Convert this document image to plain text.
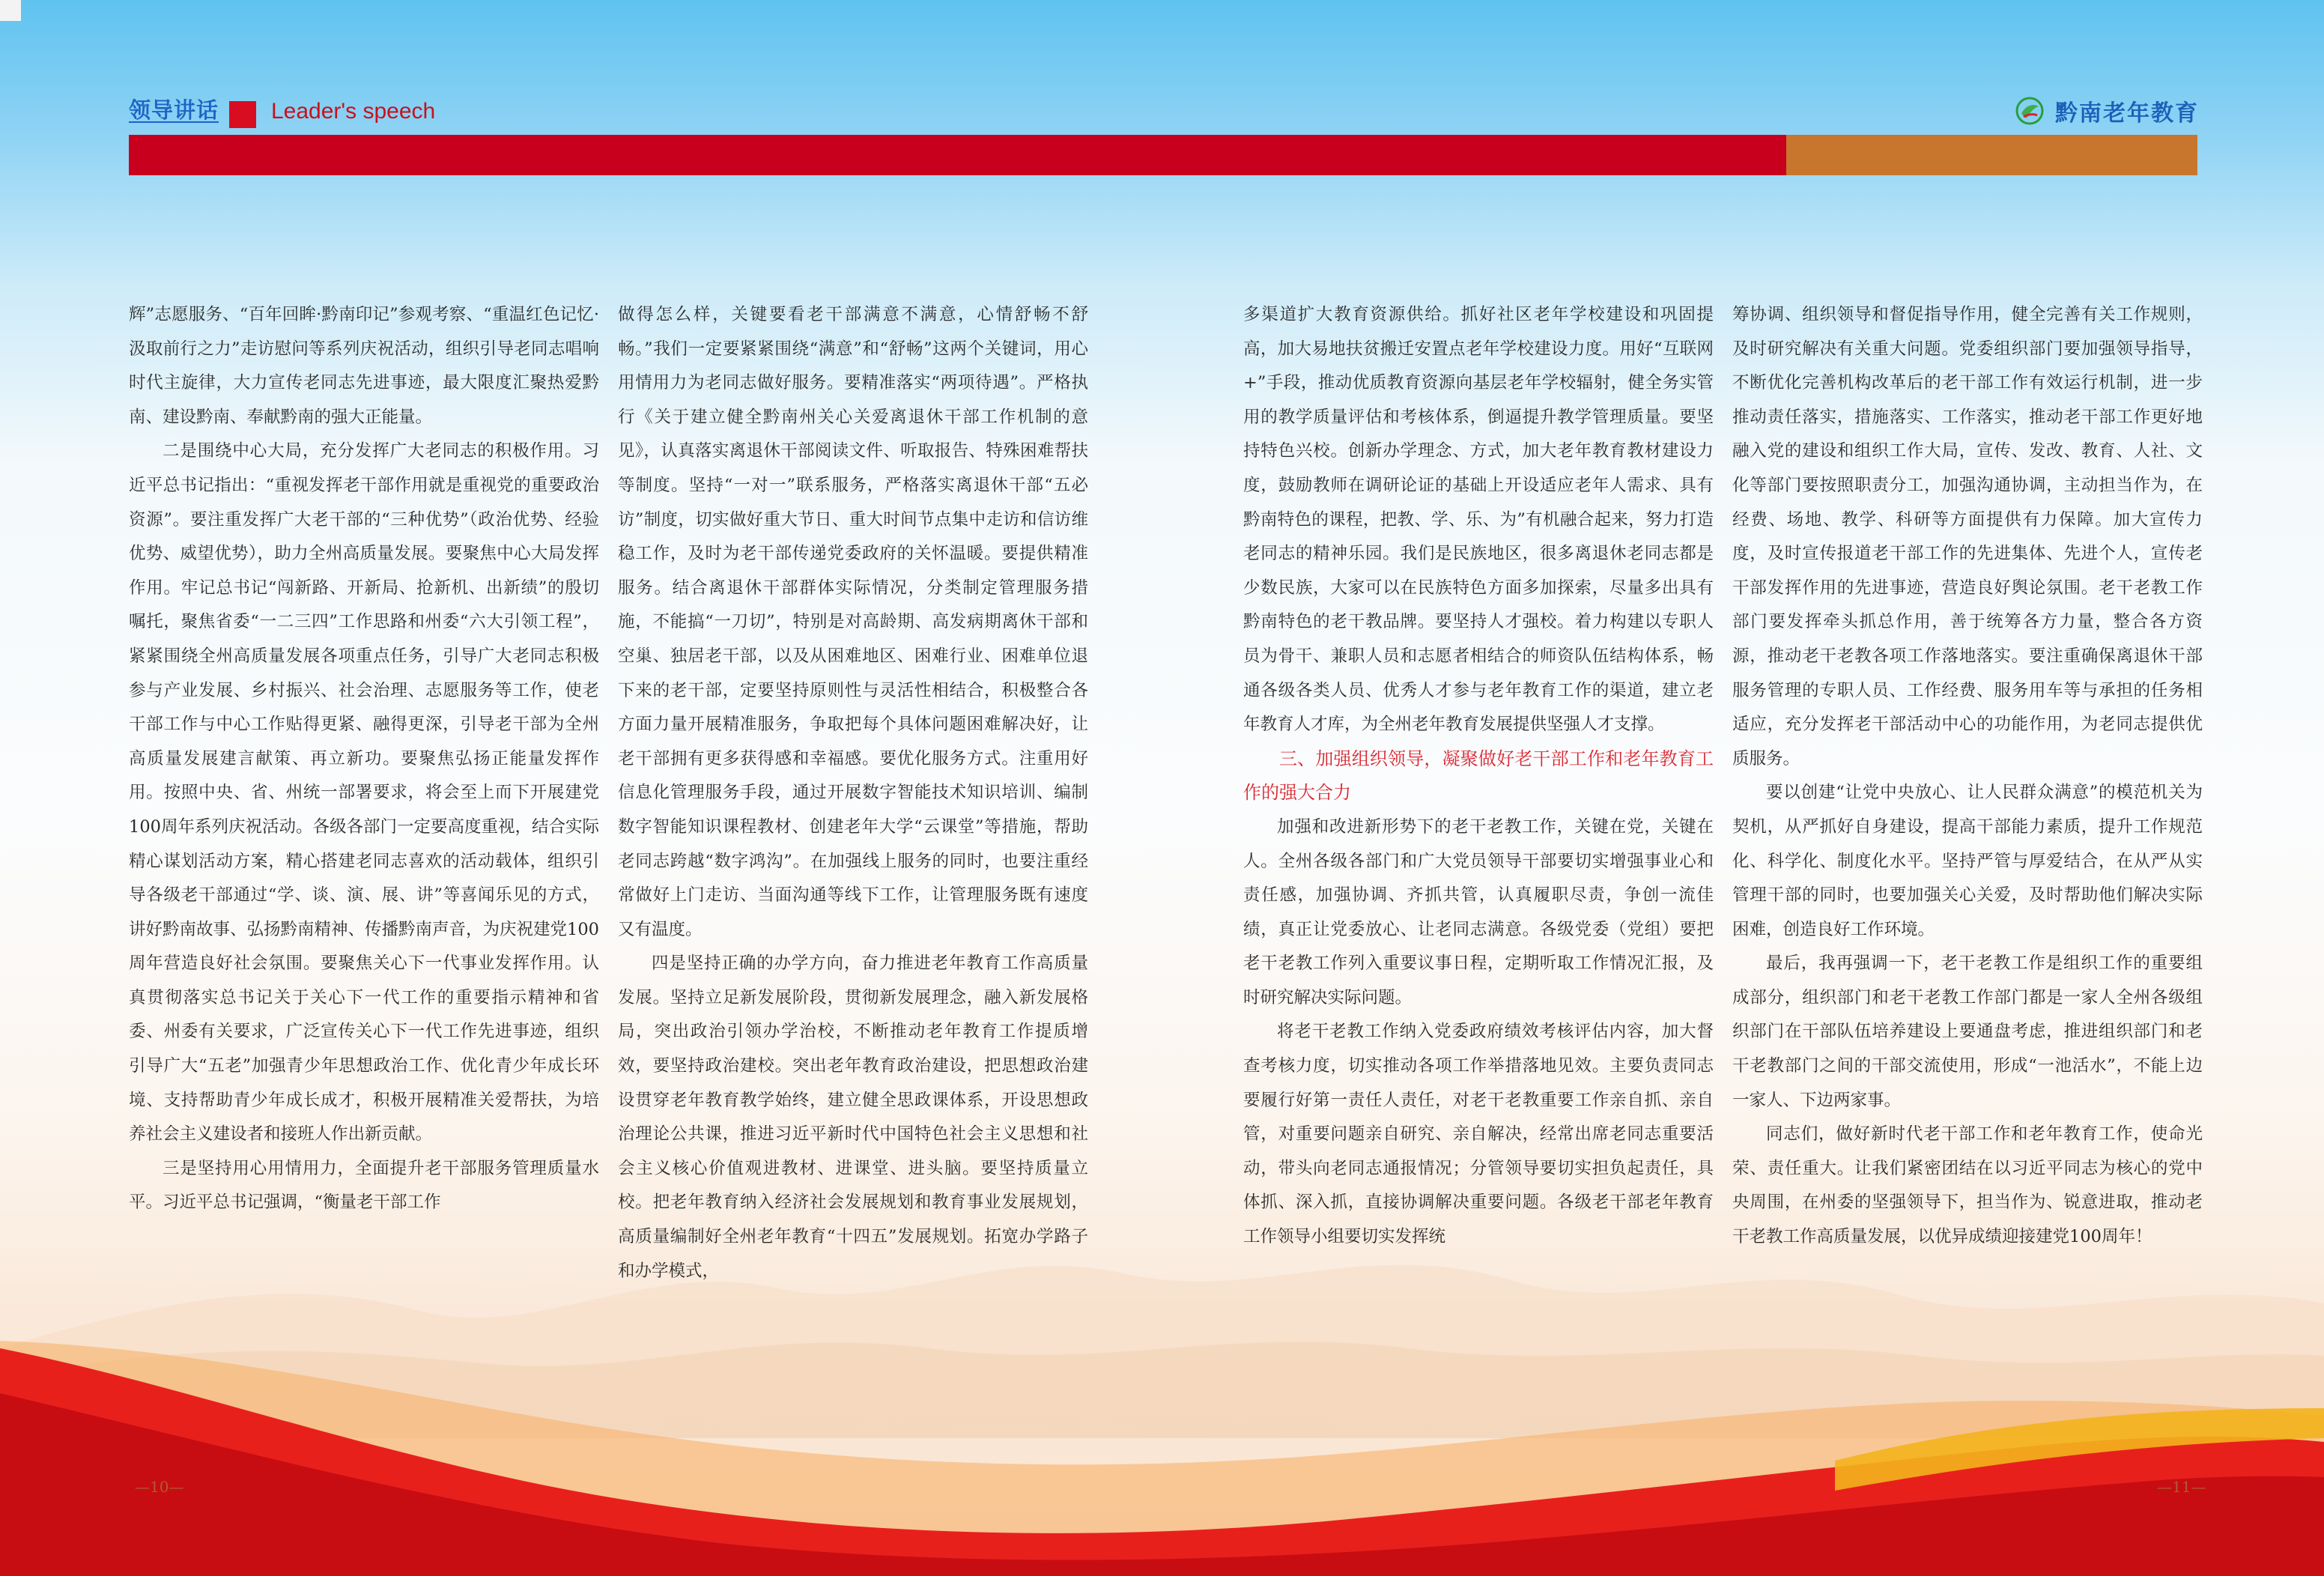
领导讲话 Leader's speech	黔南老年教育

辉”志愿服务、“百年回眸·黔南印记”参观考察、“重温红色记忆·汲取前行之力”走访慰问等系列庆祝活动，组织引导老同志唱响时代主旋律，大力宣传老同志先进事迹，最大限度汇聚热爱黔南、建设黔南、奉献黔南的强大正能量。

二是围绕中心大局，充分发挥广大老同志的积极作用。习近平总书记指出：“重视发挥老干部作用就是重视党的重要政治资源”。要注重发挥广大老干部的“三种优势”（政治优势、经验优势、威望优势），助力全州高质量发展。要聚焦中心大局发挥作用。牢记总书记“闯新路、开新局、抢新机、出新绩”的殷切嘱托，聚焦省委“一二三四”工作思路和州委“六大引领工程”，紧紧围绕全州高质量发展各项重点任务，引导广大老同志积极参与产业发展、乡村振兴、社会治理、志愿服务等工作，使老干部工作与中心工作贴得更紧、融得更深，引导老干部为全州高质量发展建言献策、再立新功。要聚焦弘扬正能量发挥作用。按照中央、省、州统一部署要求，将会至上而下开展建党100周年系列庆祝活动。各级各部门一定要高度重视，结合实际精心谋划活动方案，精心搭建老同志喜欢的活动载体，组织引导各级老干部通过“学、谈、演、展、讲”等喜闻乐见的方式，讲好黔南故事、弘扬黔南精神、传播黔南声音，为庆祝建党100周年营造良好社会氛围。要聚焦关心下一代事业发挥作用。认真贯彻落实总书记关于关心下一代工作的重要指示精神和省委、州委有关要求，广泛宣传关心下一代工作先进事迹，组织引导广大“五老”加强青少年思想政治工作、优化青少年成长环境、支持帮助青少年成长成才，积极开展精准关爱帮扶，为培养社会主义建设者和接班人作出新贡献。

三是坚持用心用情用力，全面提升老干部服务管理质量水平。习近平总书记强调，“衡量老干部工作

做得怎么样，关键要看老干部满意不满意，心情舒畅不舒畅。”我们一定要紧紧围绕“满意”和“舒畅”这两个关键词，用心用情用力为老同志做好服务。要精准落实“两项待遇”。严格执行《关于建立健全黔南州关心关爱离退休干部工作机制的意见》，认真落实离退休干部阅读文件、听取报告、特殊困难帮扶等制度。坚持“一对一”联系服务，严格落实离退休干部“五必访”制度，切实做好重大节日、重大时间节点集中走访和信访维稳工作，及时为老干部传递党委政府的关怀温暖。要提供精准服务。结合离退休干部群体实际情况，分类制定管理服务措施，不能搞“一刀切”，特别是对高龄期、高发病期离休干部和空巢、独居老干部，以及从困难地区、困难行业、困难单位退下来的老干部，定要坚持原则性与灵活性相结合，积极整合各方面力量开展精准服务，争取把每个具体问题困难解决好，让老干部拥有更多获得感和幸福感。要优化服务方式。注重用好信息化管理服务手段，通过开展数字智能技术知识培训、编制数字智能知识课程教材、创建老年大学“云课堂”等措施，帮助老同志跨越“数字鸿沟”。在加强线上服务的同时，也要注重经常做好上门走访、当面沟通等线下工作，让管理服务既有速度又有温度。

四是坚持正确的办学方向，奋力推进老年教育工作高质量发展。坚持立足新发展阶段，贯彻新发展理念，融入新发展格局，突出政治引领办学治校，不断推动老年教育工作提质增效，要坚持政治建校。突出老年教育政治建设，把思想政治建设贯穿老年教育教学始终，建立健全思政课体系，开设思想政治理论公共课，推进习近平新时代中国特色社会主义思想和社会主义核心价值观进教材、进课堂、进头脑。要坚持质量立校。把老年教育纳入经济社会发展规划和教育事业发展规划，高质量编制好全州老年教育“十四五”发展规划。拓宽办学路子和办学模式，

多渠道扩大教育资源供给。抓好社区老年学校建设和巩固提高，加大易地扶贫搬迁安置点老年学校建设力度。用好“互联网+”手段，推动优质教育资源向基层老年学校辐射，健全务实管用的教学质量评估和考核体系，倒逼提升教学管理质量。要坚持特色兴校。创新办学理念、方式，加大老年教育教材建设力度，鼓励教师在调研论证的基础上开设适应老年人需求、具有黔南特色的课程，把教、学、乐、为”有机融合起来，努力打造老同志的精神乐园。我们是民族地区，很多离退休老同志都是少数民族，大家可以在民族特色方面多加探索，尽量多出具有黔南特色的老干教品牌。要坚持人才强校。着力构建以专职人员为骨干、兼职人员和志愿者相结合的师资队伍结构体系，畅通各级各类人员、优秀人才参与老年教育工作的渠道，建立老年教育人才库，为全州老年教育发展提供坚强人才支撑。

三、加强组织领导，凝聚做好老干部工作和老年教育工作的强大合力

加强和改进新形势下的老干老教工作，关键在党，关键在人。全州各级各部门和广大党员领导干部要切实增强事业心和责任感，加强协调、齐抓共管，认真履职尽责，争创一流佳绩，真正让党委放心、让老同志满意。各级党委（党组）要把老干老教工作列入重要议事日程，定期听取工作情况汇报，及时研究解决实际问题。

将老干老教工作纳入党委政府绩效考核评估内容，加大督查考核力度，切实推动各项工作举措落地见效。主要负责同志要履行好第一责任人责任，对老干老教重要工作亲自抓、亲自管，对重要问题亲自研究、亲自解决，经常出席老同志重要活动，带头向老同志通报情况；分管领导要切实担负起责任，具体抓、深入抓，直接协调解决重要问题。各级老干部老年教育工作领导小组要切实发挥统

筹协调、组织领导和督促指导作用，健全完善有关工作规则，及时研究解决有关重大问题。党委组织部门要加强领导指导，不断优化完善机构改革后的老干部工作有效运行机制，进一步推动责任落实，措施落实、工作落实，推动老干部工作更好地融入党的建设和组织工作大局，宣传、发改、教育、人社、文化等部门要按照职责分工，加强沟通协调，主动担当作为，在经费、场地、教学、科研等方面提供有力保障。加大宣传力度，及时宣传报道老干部工作的先进集体、先进个人，宣传老干部发挥作用的先进事迹，营造良好舆论氛围。老干老教工作部门要发挥牵头抓总作用，善于统筹各方力量，整合各方资源，推动老干老教各项工作落地落实。要注重确保离退休干部服务管理的专职人员、工作经费、服务用车等与承担的任务相适应，充分发挥老干部活动中心的功能作用，为老同志提供优质服务。

要以创建“让党中央放心、让人民群众满意”的模范机关为契机，从严抓好自身建设，提高干部能力素质，提升工作规范化、科学化、制度化水平。坚持严管与厚爱结合，在从严从实管理干部的同时，也要加强关心关爱，及时帮助他们解决实际困难，创造良好工作环境。

最后，我再强调一下，老干老教工作是组织工作的重要组成部分，组织部门和老干老教工作部门都是一家人全州各级组织部门在干部队伍培养建设上要通盘考虑，推进组织部门和老干老教部门之间的干部交流使用，形成“一池活水”，不能上边一家人、下边两家事。

同志们，做好新时代老干部工作和老年教育工作，使命光荣、责任重大。让我们紧密团结在以习近平同志为核心的党中央周围，在州委的坚强领导下，担当作为、锐意进取，推动老干老教工作高质量发展，以优异成绩迎接建党100周年！

—10—	—11—
